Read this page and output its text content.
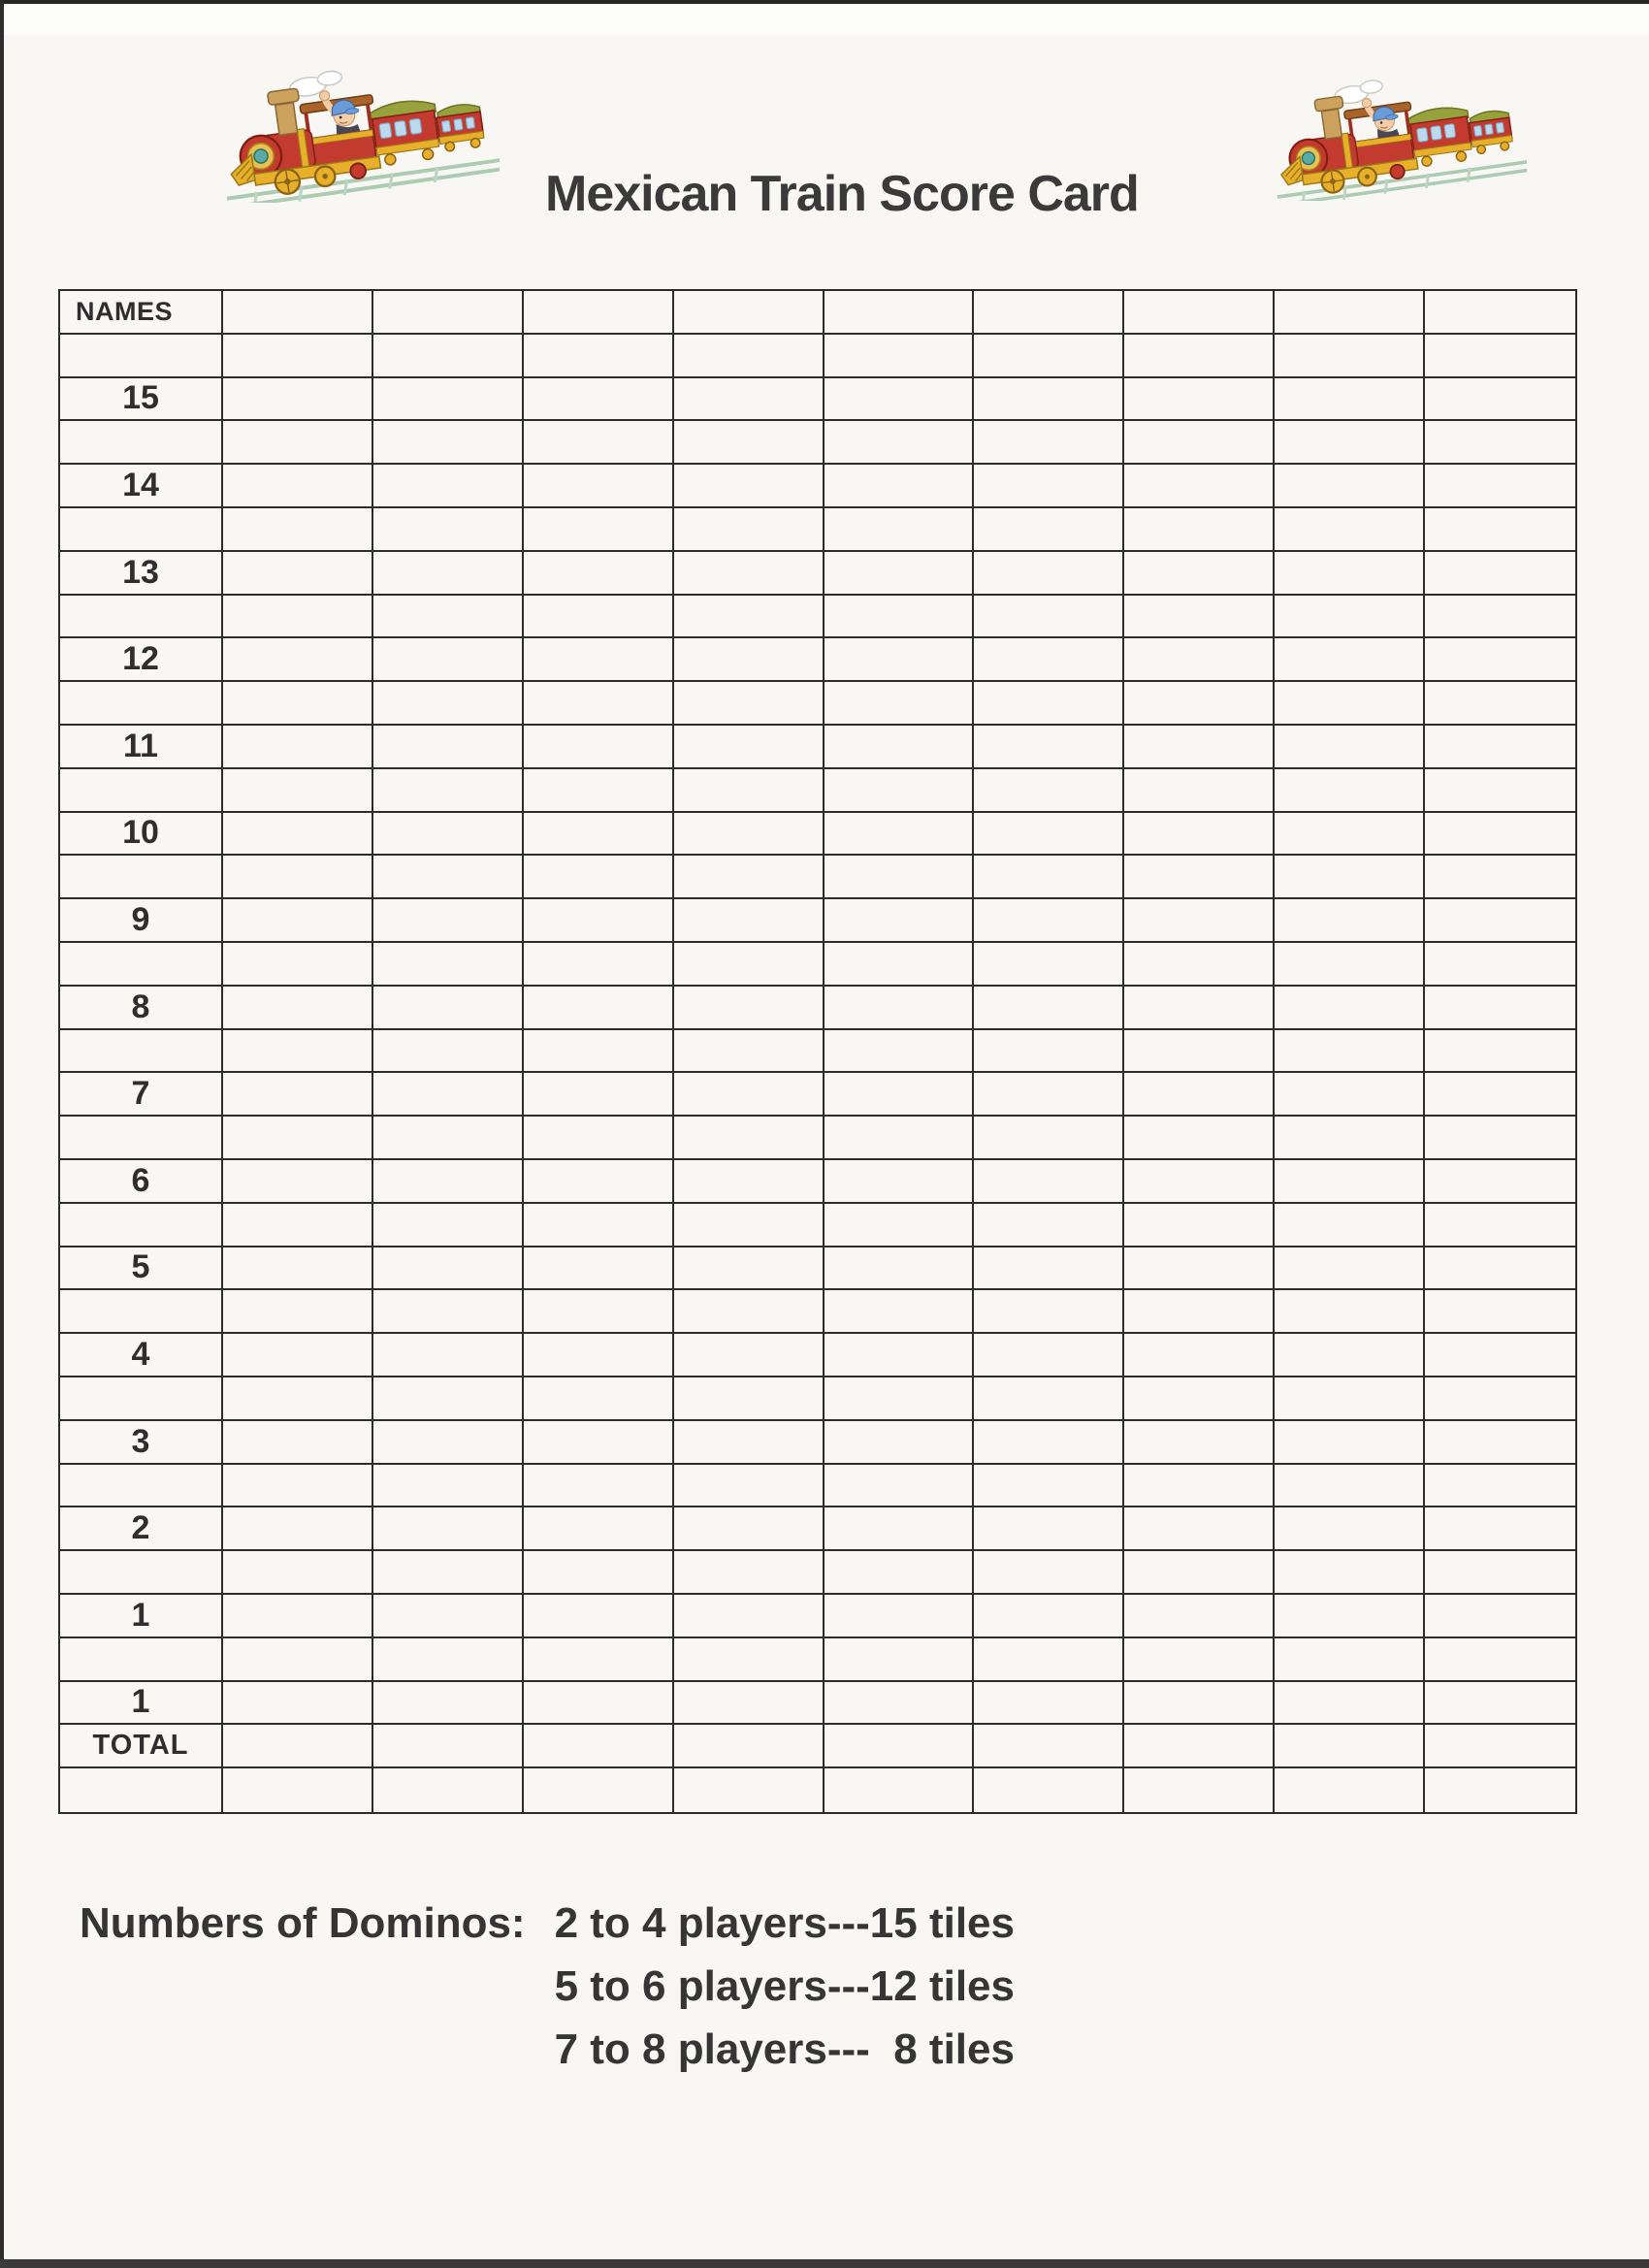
Mexican Train Score Card
NAMES
15
14
13
12
11
10
9
8
7
6
5
4
3
2
1
1
TOTAL
Numbers of Dominos: 2 to 4 players---15 tiles
5 to 6 players---12 tiles
7 to 8 players---  8 tiles
